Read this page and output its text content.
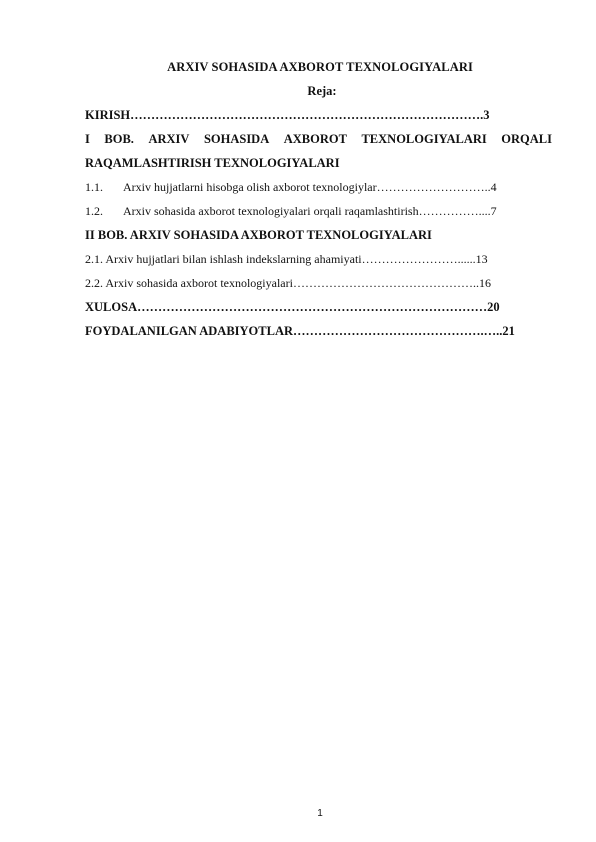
ARXIV SOHASIDA AXBOROT TEXNOLOGIYALARI
Reja:
KIRISH………………………………………………………………………….3
I BOB. ARXIV SOHASIDA AXBOROT TEXNOLOGIYALARI ORQALI
RAQAMLASHTIRISH TEXNOLOGIYALARI
1.1. Arxiv hujjatlarni hisobga olish axborot texnologiylar………………………..4
1.2. Arxiv sohasida axborot texnologiyalari orqali raqamlashtirish……………....7
II BOB. ARXIV SOHASIDA AXBOROT TEXNOLOGIYALARI
2.1. Arxiv hujjatlari bilan ishlash indekslarning ahamiyati……………………......13
2.2. Arxiv sohasida axborot texnologiyalari………………………………………..16
XULOSA…………………………………………………………………………20
FOYDALANILGAN ADABIYOTLAR……………………………………….…..21
1
